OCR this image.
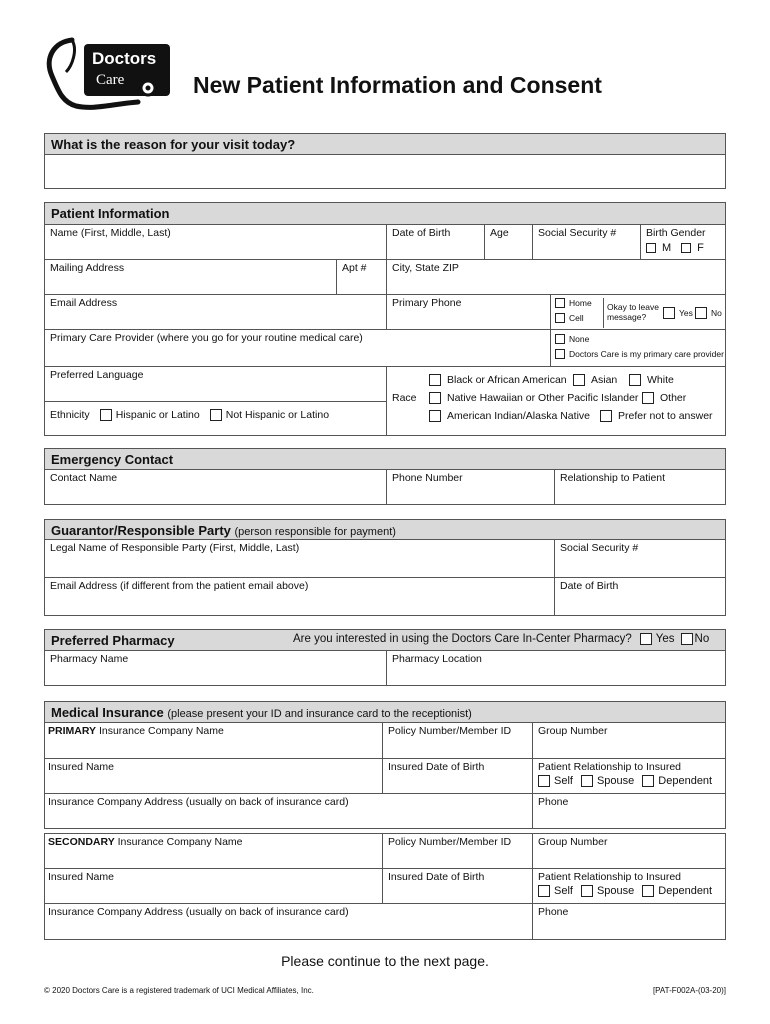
Doctors
Care	New Patient Information and Consent
What is the reason for your visit today?
Patient Information
Name (First, Middle, Last)	Date of Birth	Age	Social Security #	Birth Gender
M F
Mailing Address	Apt #	City, State ZIP
Email Address	Primary Phone	Home
Cell
Okay to leave message?	Yes No
Primary Care Provider (where you go for your routine medical care)	None
Doctors Care is my primary care provider
Preferred Language
Ethnicity Hispanic or Latino Not Hispanic or Latino
Race
Black or African American Asian	White
Native Hawaiian or Other Pacific Islander Other
American Indian/Alaska Native	Prefer not to answer
Emergency Contact
Contact Name	Phone Number	Relationship to Patient
Guarantor/Responsible Party (person responsible for payment)
Legal Name of Responsible Party (First, Middle, Last)	Social Security #
Email Address (if different from the patient email above)	Date of Birth
Preferred Pharmacy	Are you interested in using the Doctors Care In-Center Pharmacy? Yes No
Pharmacy Name	Pharmacy Location
Medical Insurance (please present your ID and insurance card to the receptionist)
PRIMARY Insurance Company Name	Policy Number/Member ID	Group Number
Insured Name	Insured Date of Birth	Patient Relationship to Insured
Self Spouse Dependent
Insurance Company Address (usually on back of insurance card)	Phone
SECONDARY Insurance Company Name	Policy Number/Member ID	Group Number
Insured Name	Insured Date of Birth	Patient Relationship to Insured
Self Spouse Dependent
Insurance Company Address (usually on back of insurance card)	Phone
Please continue to the next page.
© 2020 Doctors Care is a registered trademark of UCI Medical Affiliates, Inc.	[PAT-F002A-(03-20)]
